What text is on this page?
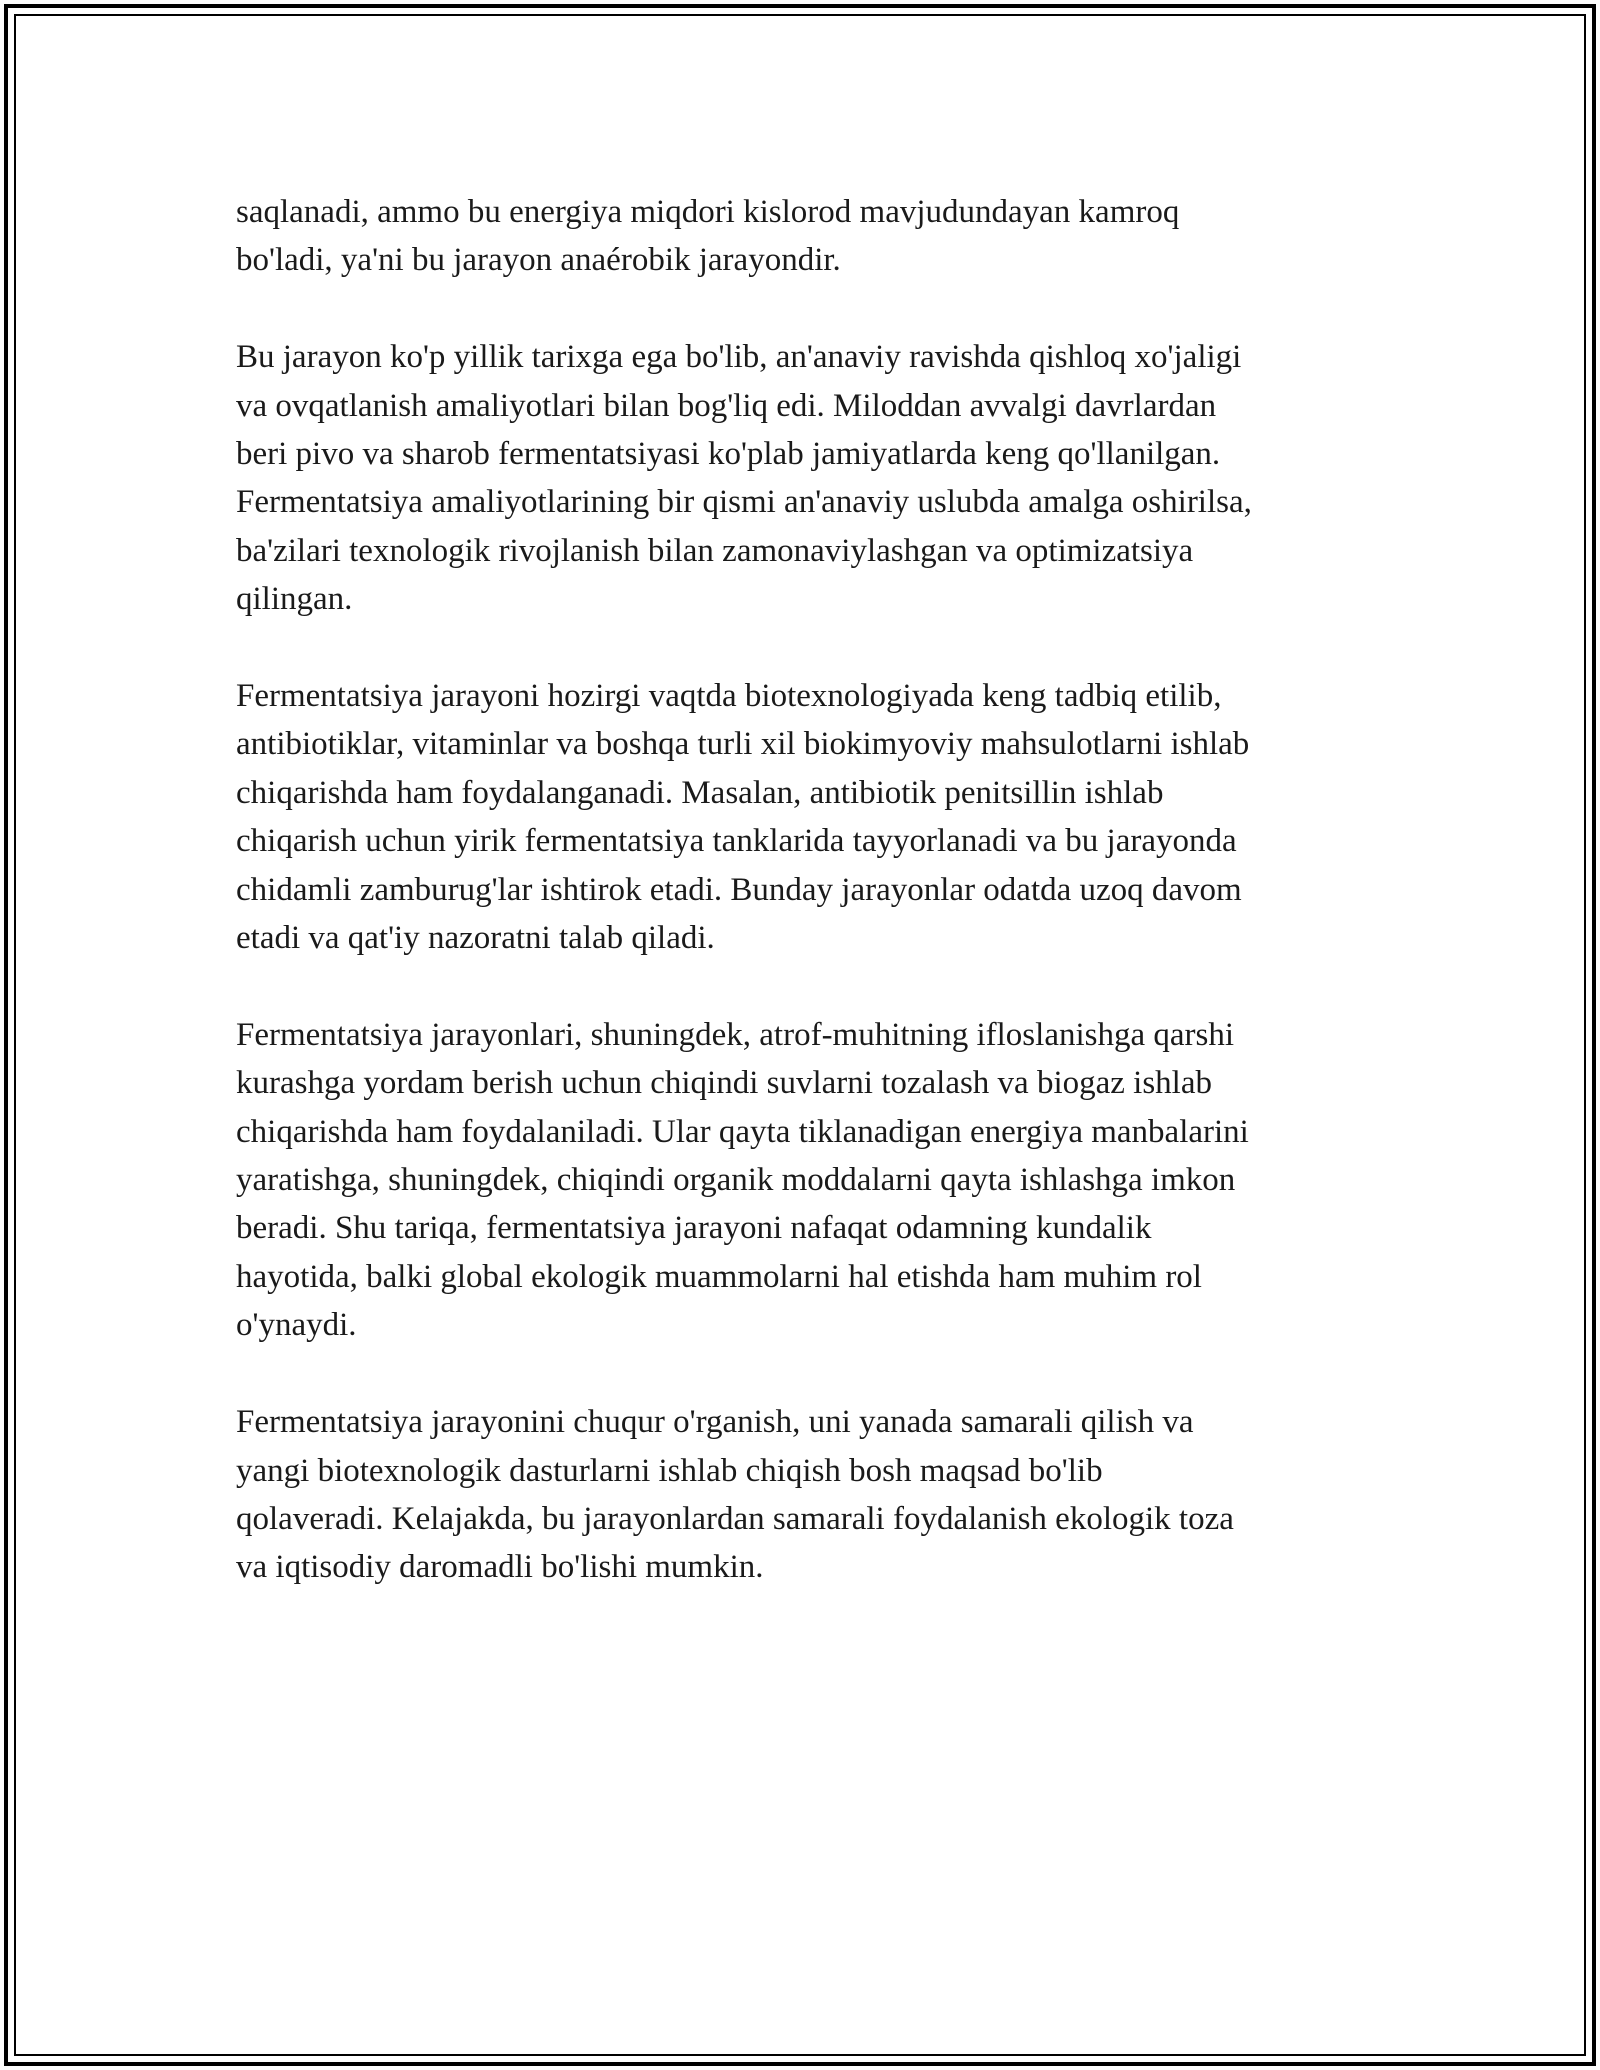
saqlanadi, ammo bu energiya miqdori kislorod mavjudundayan kamroq
bo'ladi, ya'ni bu jarayon anaérobik jarayondir.

Bu jarayon ko'p yillik tarixga ega bo'lib, an'anaviy ravishda qishloq xo'jaligi
va ovqatlanish amaliyotlari bilan bog'liq edi. Miloddan avvalgi davrlardan
beri pivo va sharob fermentatsiyasi ko'plab jamiyatlarda keng qo'llanilgan.
Fermentatsiya amaliyotlarining bir qismi an'anaviy uslubda amalga oshirilsa,
ba'zilari texnologik rivojlanish bilan zamonaviylashgan va optimizatsiya
qilingan.

Fermentatsiya jarayoni hozirgi vaqtda biotexnologiyada keng tadbiq etilib,
antibiotiklar, vitaminlar va boshqa turli xil biokimyoviy mahsulotlarni ishlab
chiqarishda ham foydalanganadi. Masalan, antibiotik penitsillin ishlab
chiqarish uchun yirik fermentatsiya tanklarida tayyorlanadi va bu jarayonda
chidamli zamburug'lar ishtirok etadi. Bunday jarayonlar odatda uzoq davom
etadi va qat'iy nazoratni talab qiladi.

Fermentatsiya jarayonlari, shuningdek, atrof-muhitning ifloslanishga qarshi
kurashga yordam berish uchun chiqindi suvlarni tozalash va biogaz ishlab
chiqarishda ham foydalaniladi. Ular qayta tiklanadigan energiya manbalarini
yaratishga, shuningdek, chiqindi organik moddalarni qayta ishlashga imkon
beradi. Shu tariqa, fermentatsiya jarayoni nafaqat odamning kundalik
hayotida, balki global ekologik muammolarni hal etishda ham muhim rol
o'ynaydi.

Fermentatsiya jarayonini chuqur o'rganish, uni yanada samarali qilish va
yangi biotexnologik dasturlarni ishlab chiqish bosh maqsad bo'lib
qolaveradi. Kelajakda, bu jarayonlardan samarali foydalanish ekologik toza
va iqtisodiy daromadli bo'lishi mumkin.
